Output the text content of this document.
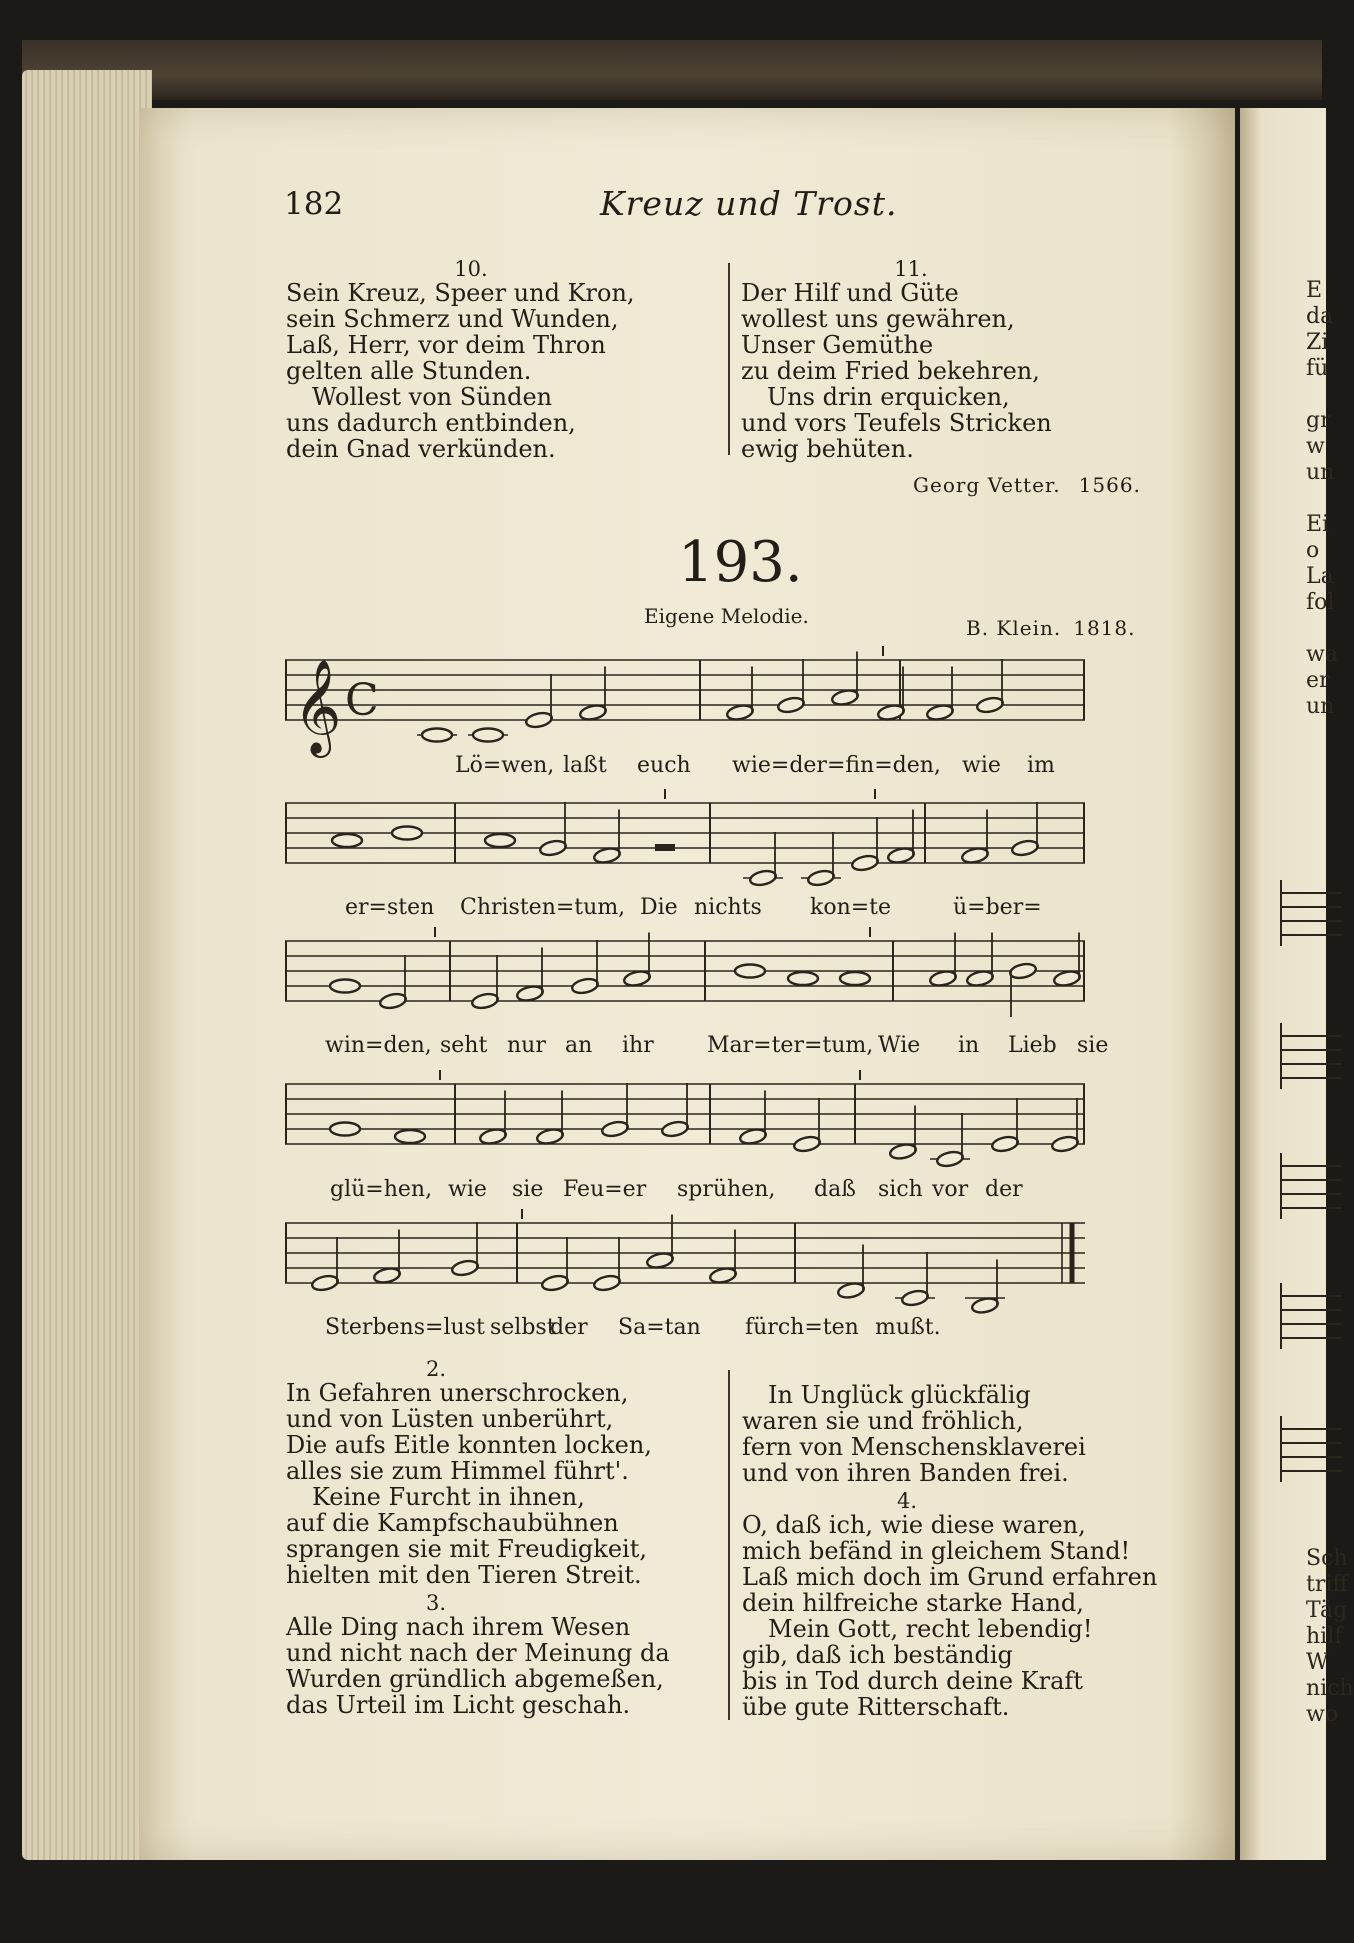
182	Kreuz und Trost.
10.
Sein Kreuz, Speer und Kron,
sein Schmerz und Wunden,
Laß, Herr, vor deim Thron
gelten alle Stunden.
Wollest von Sünden
uns dadurch entbinden,
dein Gnad verkünden.
11.
Der Hilf und Güte
wollest uns gewähren,
Unser Gemüthe
zu deim Fried bekehren,
Uns drin erquicken,
und vors Teufels Stricken
ewig behüten.
Georg Vetter. 1566.
193.
Eigene Melodie.	B. Klein. 1818.
𝄞 C
Lö=wen, laßt euch wie=der=fin=den, wie im
er=sten Christen=tum, Die nichts kon=te	ü=ber=
win=den, seht nur an ihr Mar=ter=tum, Wie in Lieb sie
glü=hen, wie sie Feu=er sprühen, daß sich vor der
Sterbens=lust selbst
der Sa=tan fürch=ten mußt.
2.
In Gefahren unerschrocken,
und von Lüsten unberührt,
Die aufs Eitle konnten locken,
alles sie zum Himmel führt'.
Keine Furcht in ihnen,
auf die Kampfschaubühnen
sprangen sie mit Freudigkeit,
hielten mit den Tieren Streit.
3.
Alle Ding nach ihrem Wesen
und nicht nach der Meinung da
Wurden gründlich abgemeßen,
das Urteil im Licht geschah.
In Unglück glückfälig
waren sie und fröhlich,
fern von Menschensklaverei
und von ihren Banden frei.
4.
O, daß ich, wie diese waren,
mich befänd in gleichem Stand!
Laß mich doch im Grund erfahren
dein hilfreiche starke Hand,
Mein Gott, recht lebendig!
gib, daß ich beständig
bis in Tod durch deine Kraft
übe gute Ritterschaft.
E
da
Zi
fü
gr
w
un
Ei
o
La
fol
wa
er
un
Sch
triff
Täg
hilf
W
nich
wo
